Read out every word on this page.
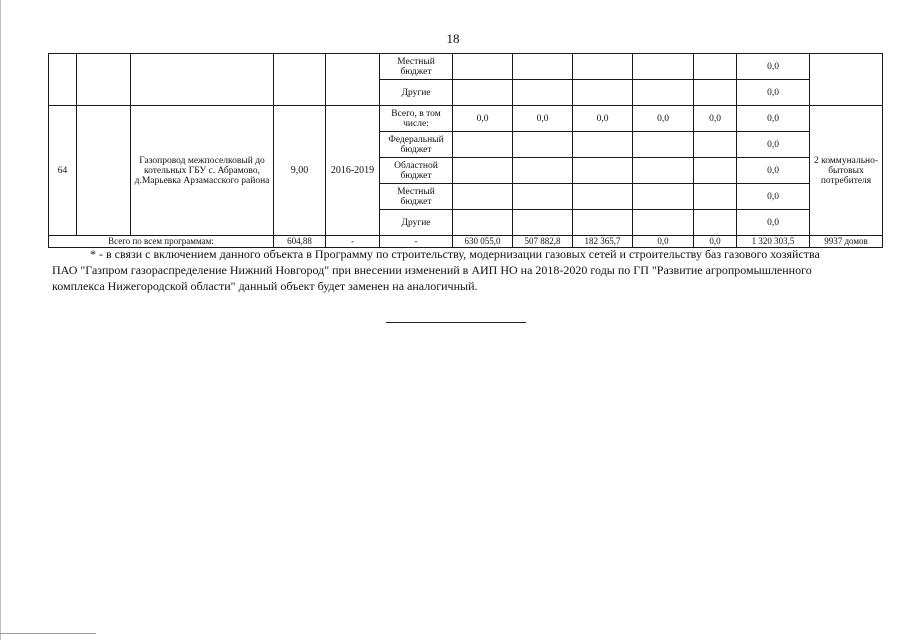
18
					Местный бюджет						0,0	
					Другие						0,0	
64		Газопровод межпоселковый до котельных ГБУ с. Абрамово, д.Марьевка Арзамасского района	9,00	2016-2019	Всего, в том числе:	0,0	0,0	0,0	0,0	0,0	0,0	2 коммунально-бытовых потребителя
					Федеральный бюджет						0,0	
					Областной бюджет						0,0	
					Местный бюджет						0,0	
					Другие						0,0	
Всего по всем программам:			604,88	-	-	630 055,0	507 882,8	182 365,7	0,0	0,0	1 320 303,5	9937 домов
* - в связи с включением данного объекта в Программу по строительству, модернизации газовых сетей и строительству баз газового хозяйства
ПАО "Газпром газораспределение Нижний Новгород" при внесении изменений в АИП НО на 2018-2020 годы по ГП "Развитие агропромышленного
комплекса Нижегородской области" данный объект будет заменен на аналогичный.
